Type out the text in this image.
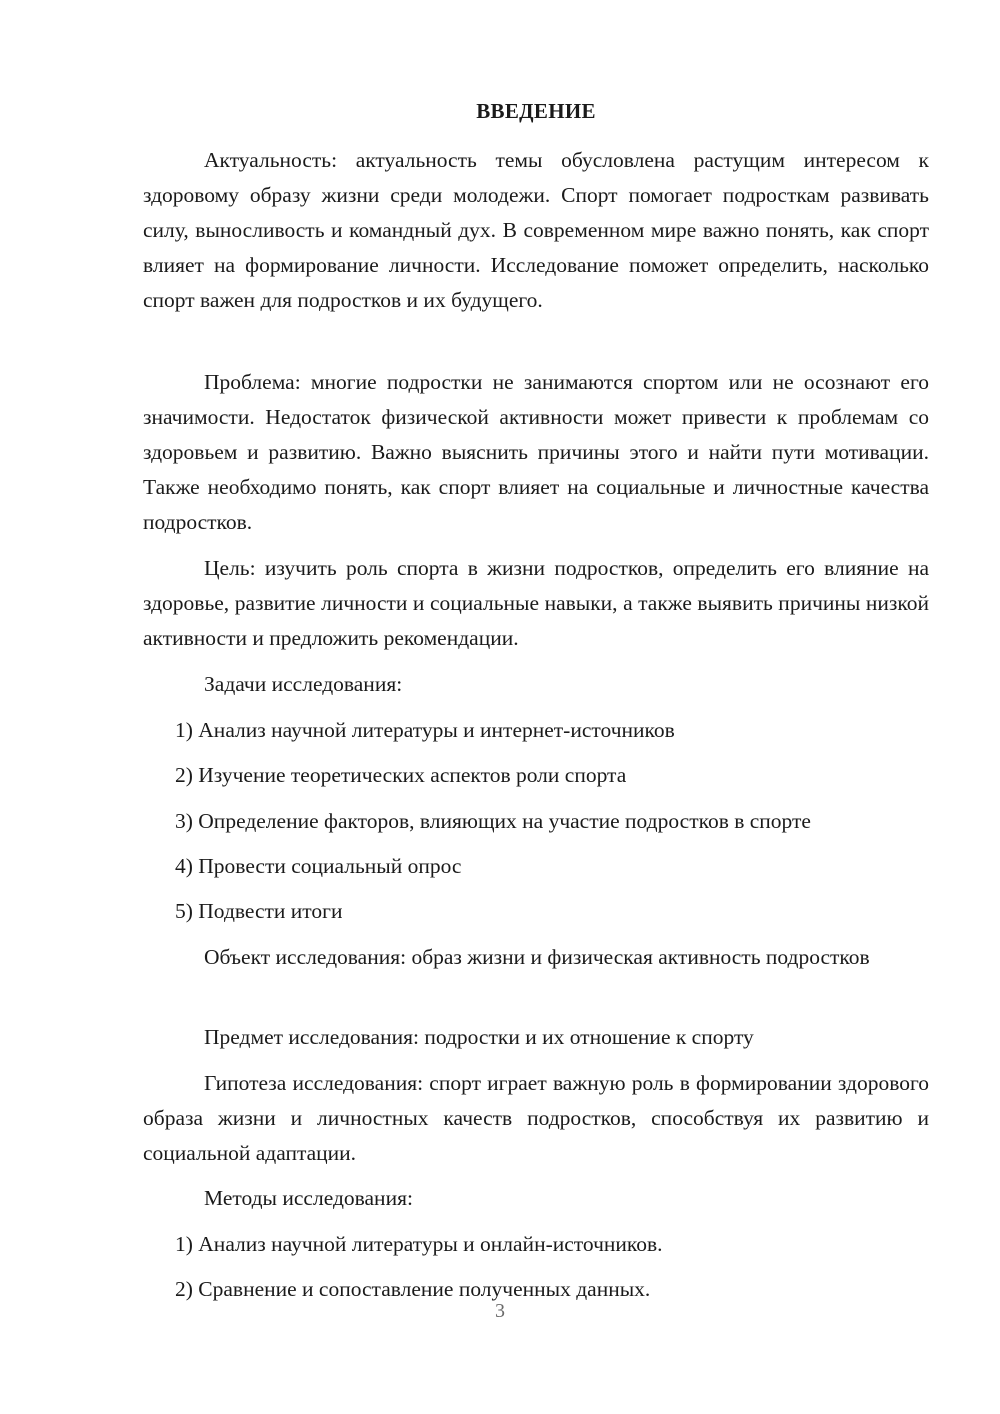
ВВЕДЕНИЕ

Актуальность: актуальность темы обусловлена растущим интересом к здоровому образу жизни среди молодежи. Спорт помогает подросткам развивать силу, выносливость и командный дух. В современном мире важно понять, как спорт влияет на формирование личности. Исследование поможет определить, насколько спорт важен для подростков и их будущего.

Проблема: многие подростки не занимаются спортом или не осознают его значимости. Недостаток физической активности может привести к проблемам со здоровьем и развитию. Важно выяснить причины этого и найти пути мотивации. Также необходимо понять, как спорт влияет на социальные и личностные качества подростков.

Цель: изучить роль спорта в жизни подростков, определить его влияние на здоровье, развитие личности и социальные навыки, а также выявить причины низкой активности и предложить рекомендации.

Задачи исследования:

1) Анализ научной литературы и интернет-источников

2) Изучение теоретических аспектов роли спорта

3) Определение факторов, влияющих на участие подростков в спорте

4) Провести социальный опрос

5) Подвести итоги

Объект исследования: образ жизни и физическая активность подростков

Предмет исследования: подростки и их отношение к спорту

Гипотеза исследования: спорт играет важную роль в формировании здорового образа жизни и личностных качеств подростков, способствуя их развитию и социальной адаптации.

Методы исследования:

1) Анализ научной литературы и онлайн-источников.

2) Сравнение и сопоставление полученных данных.

3
